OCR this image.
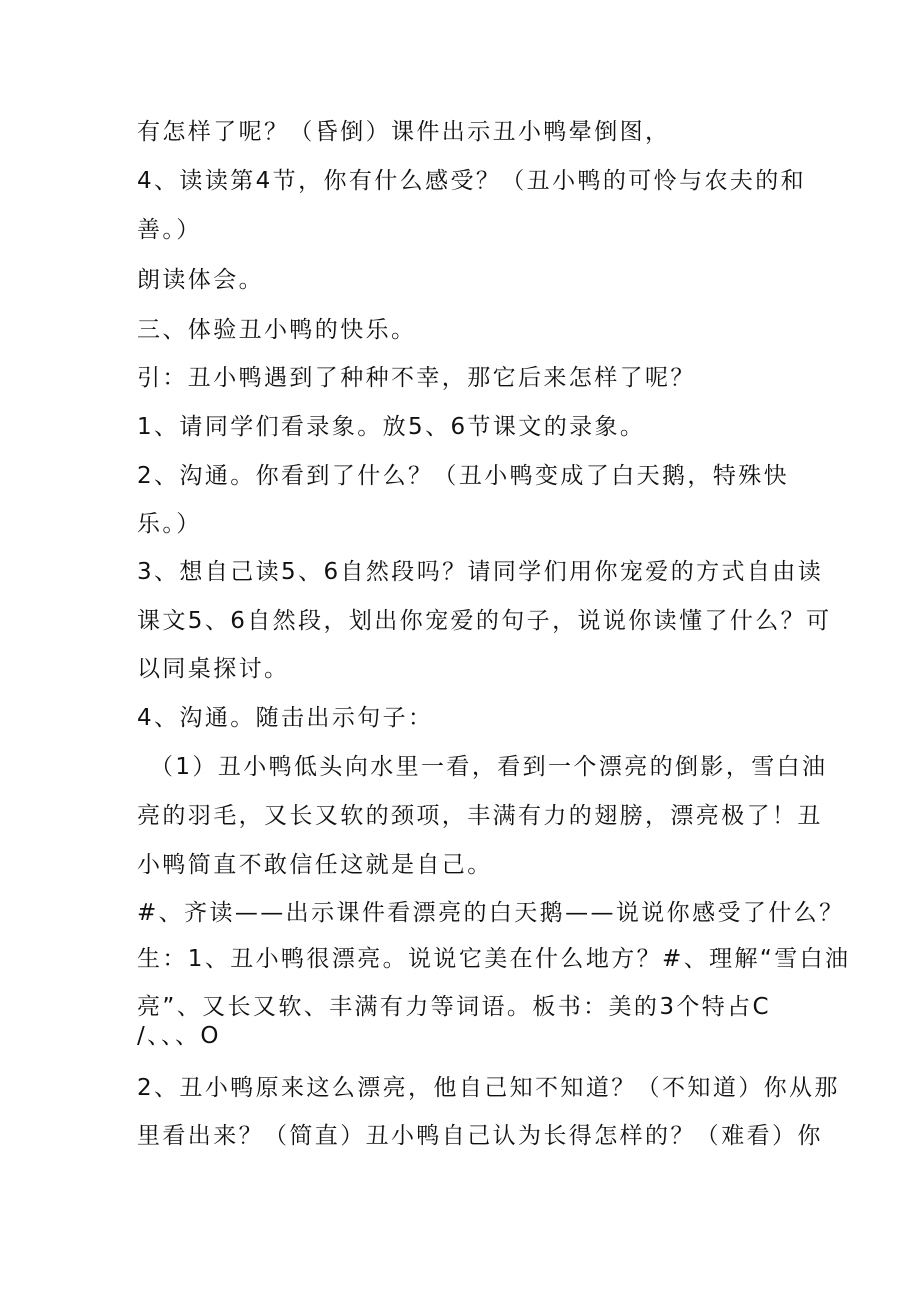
有怎样了呢？（昏倒）课件出示丑小鸭晕倒图，
4、读读第4节，你有什么感受？（丑小鸭的可怜与农夫的和
善。）
朗读体会。
三、体验丑小鸭的快乐。
引：丑小鸭遇到了种种不幸，那它后来怎样了呢？
1、请同学们看录象。放5、6节课文的录象。
2、沟通。你看到了什么？（丑小鸭变成了白天鹅，特殊快
乐。）
3、想自己读5、6自然段吗？请同学们用你宠爱的方式自由读
课文5、6自然段，划出你宠爱的句子，说说你读懂了什么？可
以同桌探讨。
4、沟通。随击出示句子：
（1）丑小鸭低头向水里一看，看到一个漂亮的倒影，雪白油
亮的羽毛，又长又软的颈项，丰满有力的翅膀，漂亮极了！丑
小鸭简直不敢信任这就是自己。
#、齐读——出示课件看漂亮的白天鹅——说说你感受了什么？
生：1、丑小鸭很漂亮。说说它美在什么地方？#、理解“雪白油
亮”、又长又软、丰满有力等词语。板书：美的3个特占C
/、、、O
2、丑小鸭原来这么漂亮，他自己知不知道？（不知道）你从那
里看出来？（简直）丑小鸭自己认为长得怎样的？（难看）你
